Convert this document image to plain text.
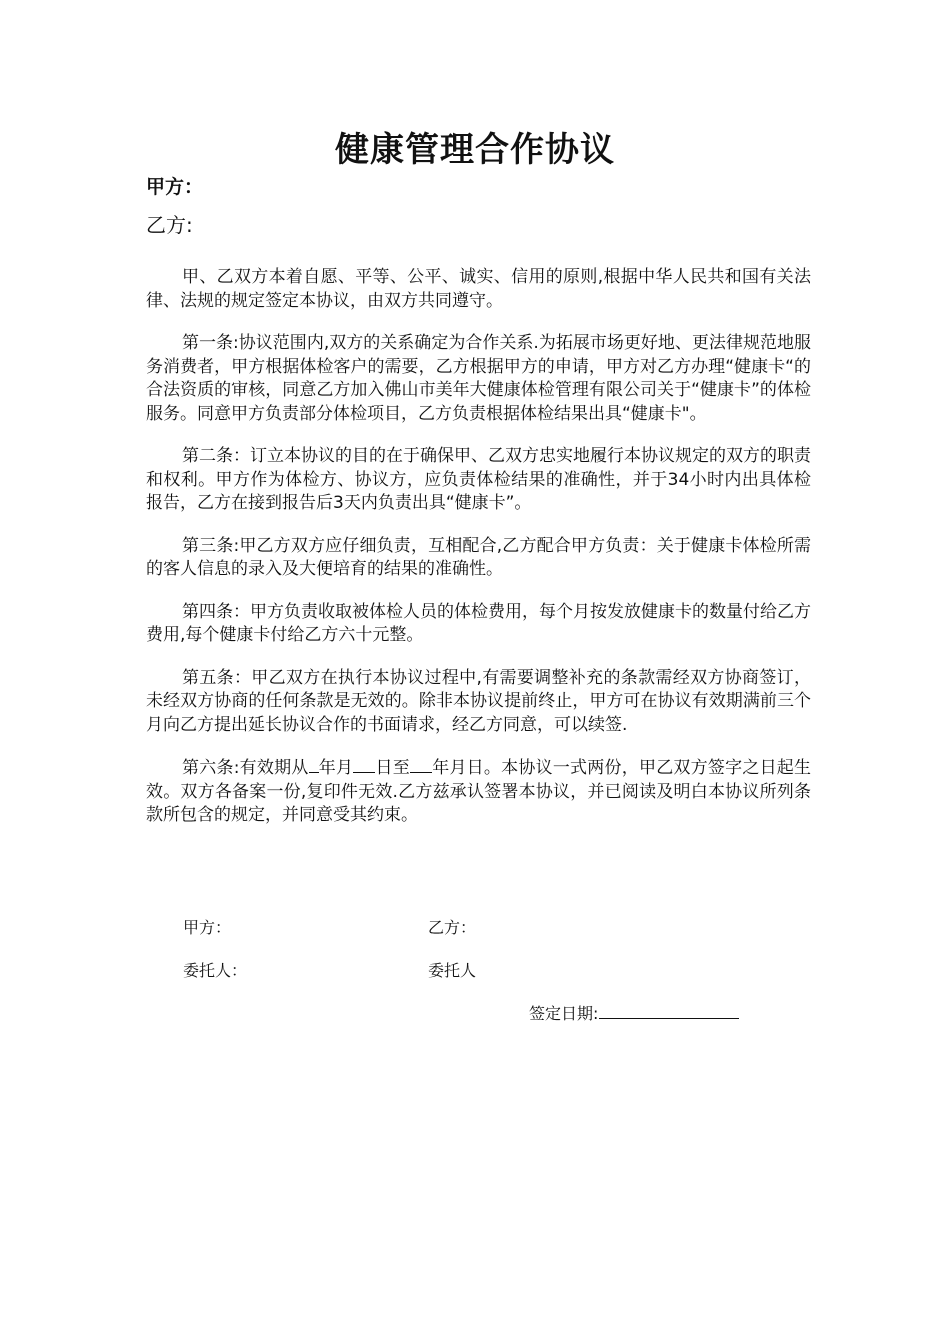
健康管理合作协议
甲方：
乙方:

甲、乙双方本着自愿、平等、公平、诚实、信用的原则,根据中华人民共和国有关法律、法规的规定签定本协议，由双方共同遵守。

第一条:协议范围内,双方的关系确定为合作关系.为拓展市场更好地、更法律规范地服务消费者，甲方根据体检客户的需要，乙方根据甲方的申请，甲方对乙方办理“健康卡“的合法资质的审核，同意乙方加入佛山市美年大健康体检管理有限公司关于“健康卡”的体检服务。同意甲方负责部分体检项目，乙方负责根据体检结果出具“健康卡"。

第二条：订立本协议的目的在于确保甲、乙双方忠实地履行本协议规定的双方的职责和权利。甲方作为体检方、协议方，应负责体检结果的准确性，并于34小时内出具体检报告，乙方在接到报告后3天内负责出具“健康卡”。

第三条:甲乙方双方应仔细负责，互相配合,乙方配合甲方负责：关于健康卡体检所需的客人信息的录入及大便培育的结果的准确性。

第四条：甲方负责收取被体检人员的体检费用，每个月按发放健康卡的数量付给乙方费用,每个健康卡付给乙方六十元整。

第五条：甲乙双方在执行本协议过程中,有需要调整补充的条款需经双方协商签订，未经双方协商的任何条款是无效的。除非本协议提前终止，甲方可在协议有效期满前三个月向乙方提出延长协议合作的书面请求，经乙方同意，可以续签.

第六条:有效期从 年月 日至 年月日。本协议一式两份，甲乙双方签字之日起生效。双方各备案一份,复印件无效.乙方兹承认签署本协议，并已阅读及明白本协议所列条款所包含的规定，并同意受其约束。

甲方：	乙方：
委托人：	委托人
签定日期:
